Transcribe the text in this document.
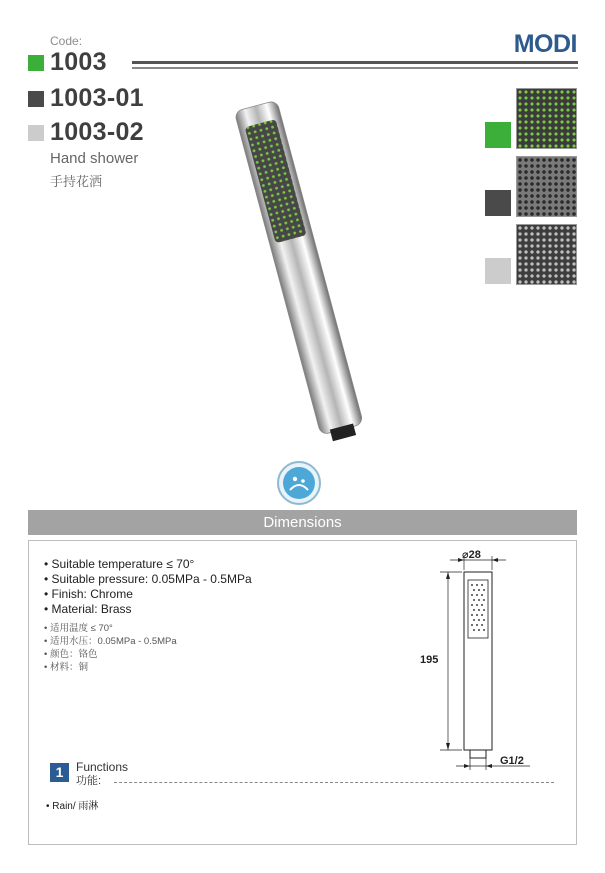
Code:
1003
1003-01
1003-02
MODI
Hand shower
手持花洒
Dimensions
• Suitable temperature ≤ 70°
• Suitable pressure: 0.05MPa - 0.5MPa
• Finish: Chrome
• Material: Brass
• 适用温度 ≤ 70°
• 适用水压：0.05MPa - 0.5MPa
• 颜色：铬色
• 材料：铜
⌀28
195
G1/2
1	Functions
功能:
• Rain/ 雨淋
